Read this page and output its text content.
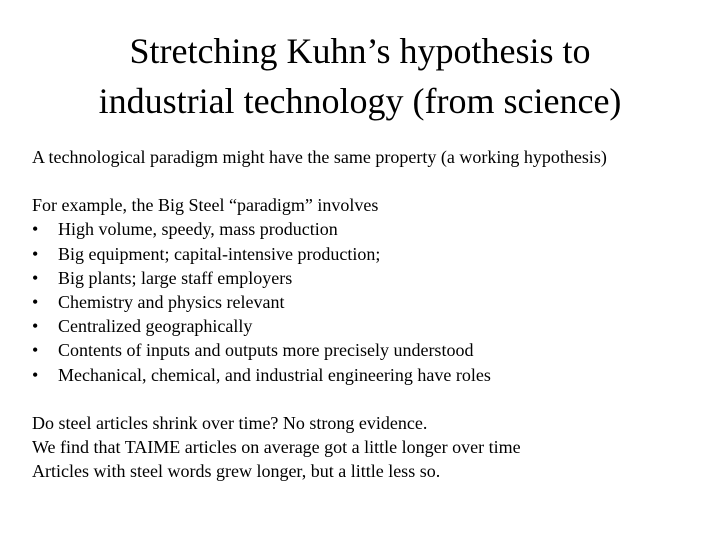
Stretching Kuhn’s hypothesis to
industrial technology (from science)
A technological paradigm might have the same property (a working hypothesis)
For example, the Big Steel “paradigm” involves
•	High volume, speedy, mass production
•	Big equipment; capital-intensive production;
•	Big plants; large staff employers
•	Chemistry and physics relevant
•	Centralized geographically
•	Contents of inputs and outputs more precisely understood
•	Mechanical, chemical, and industrial engineering have roles
Do steel articles shrink over time? No strong evidence.
We find that TAIME articles on average got a little longer over time
Articles with steel words grew longer, but a little less so.
